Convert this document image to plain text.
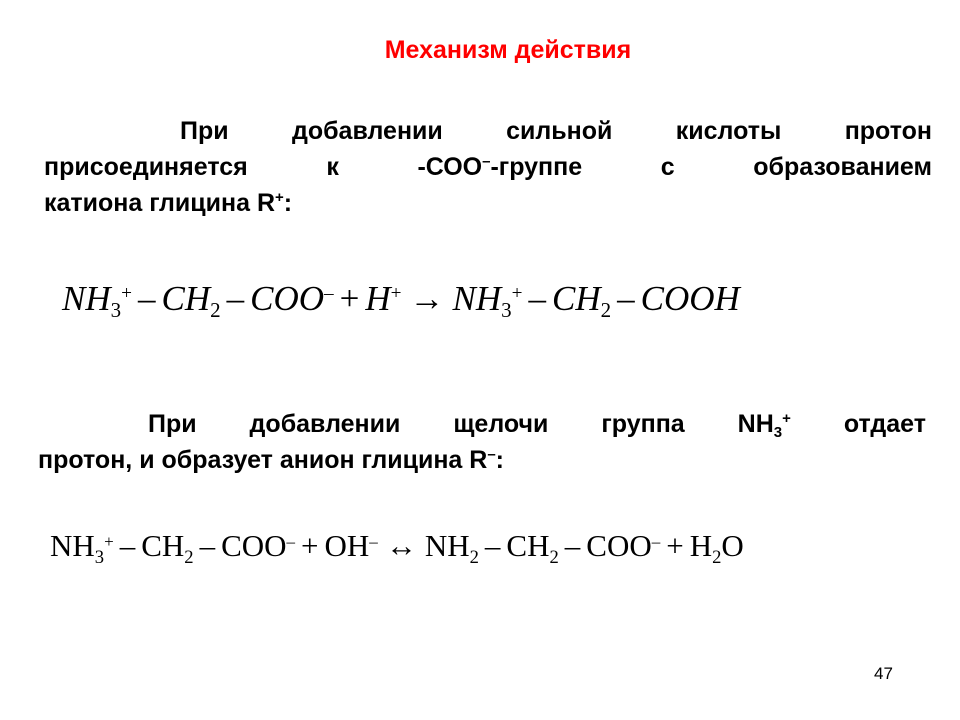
Механизм действия
При добавлении сильной кислоты протон
присоединяется к -СОО–-группе с образованием
катиона глицина R+:
$NH_3^+ - CH_2 - COO^- + H^+ \to NH_3^+ - CH_2$ – COOH
При добавлении щелочи группа $NH_3^+$ отдает
протон, и образует анион глицина R–:
$NH_3^+ - CH_2 - COO^- + OH^-$ ↔ $NH_2 - CH_2 - COO^- + H_2O$
47
